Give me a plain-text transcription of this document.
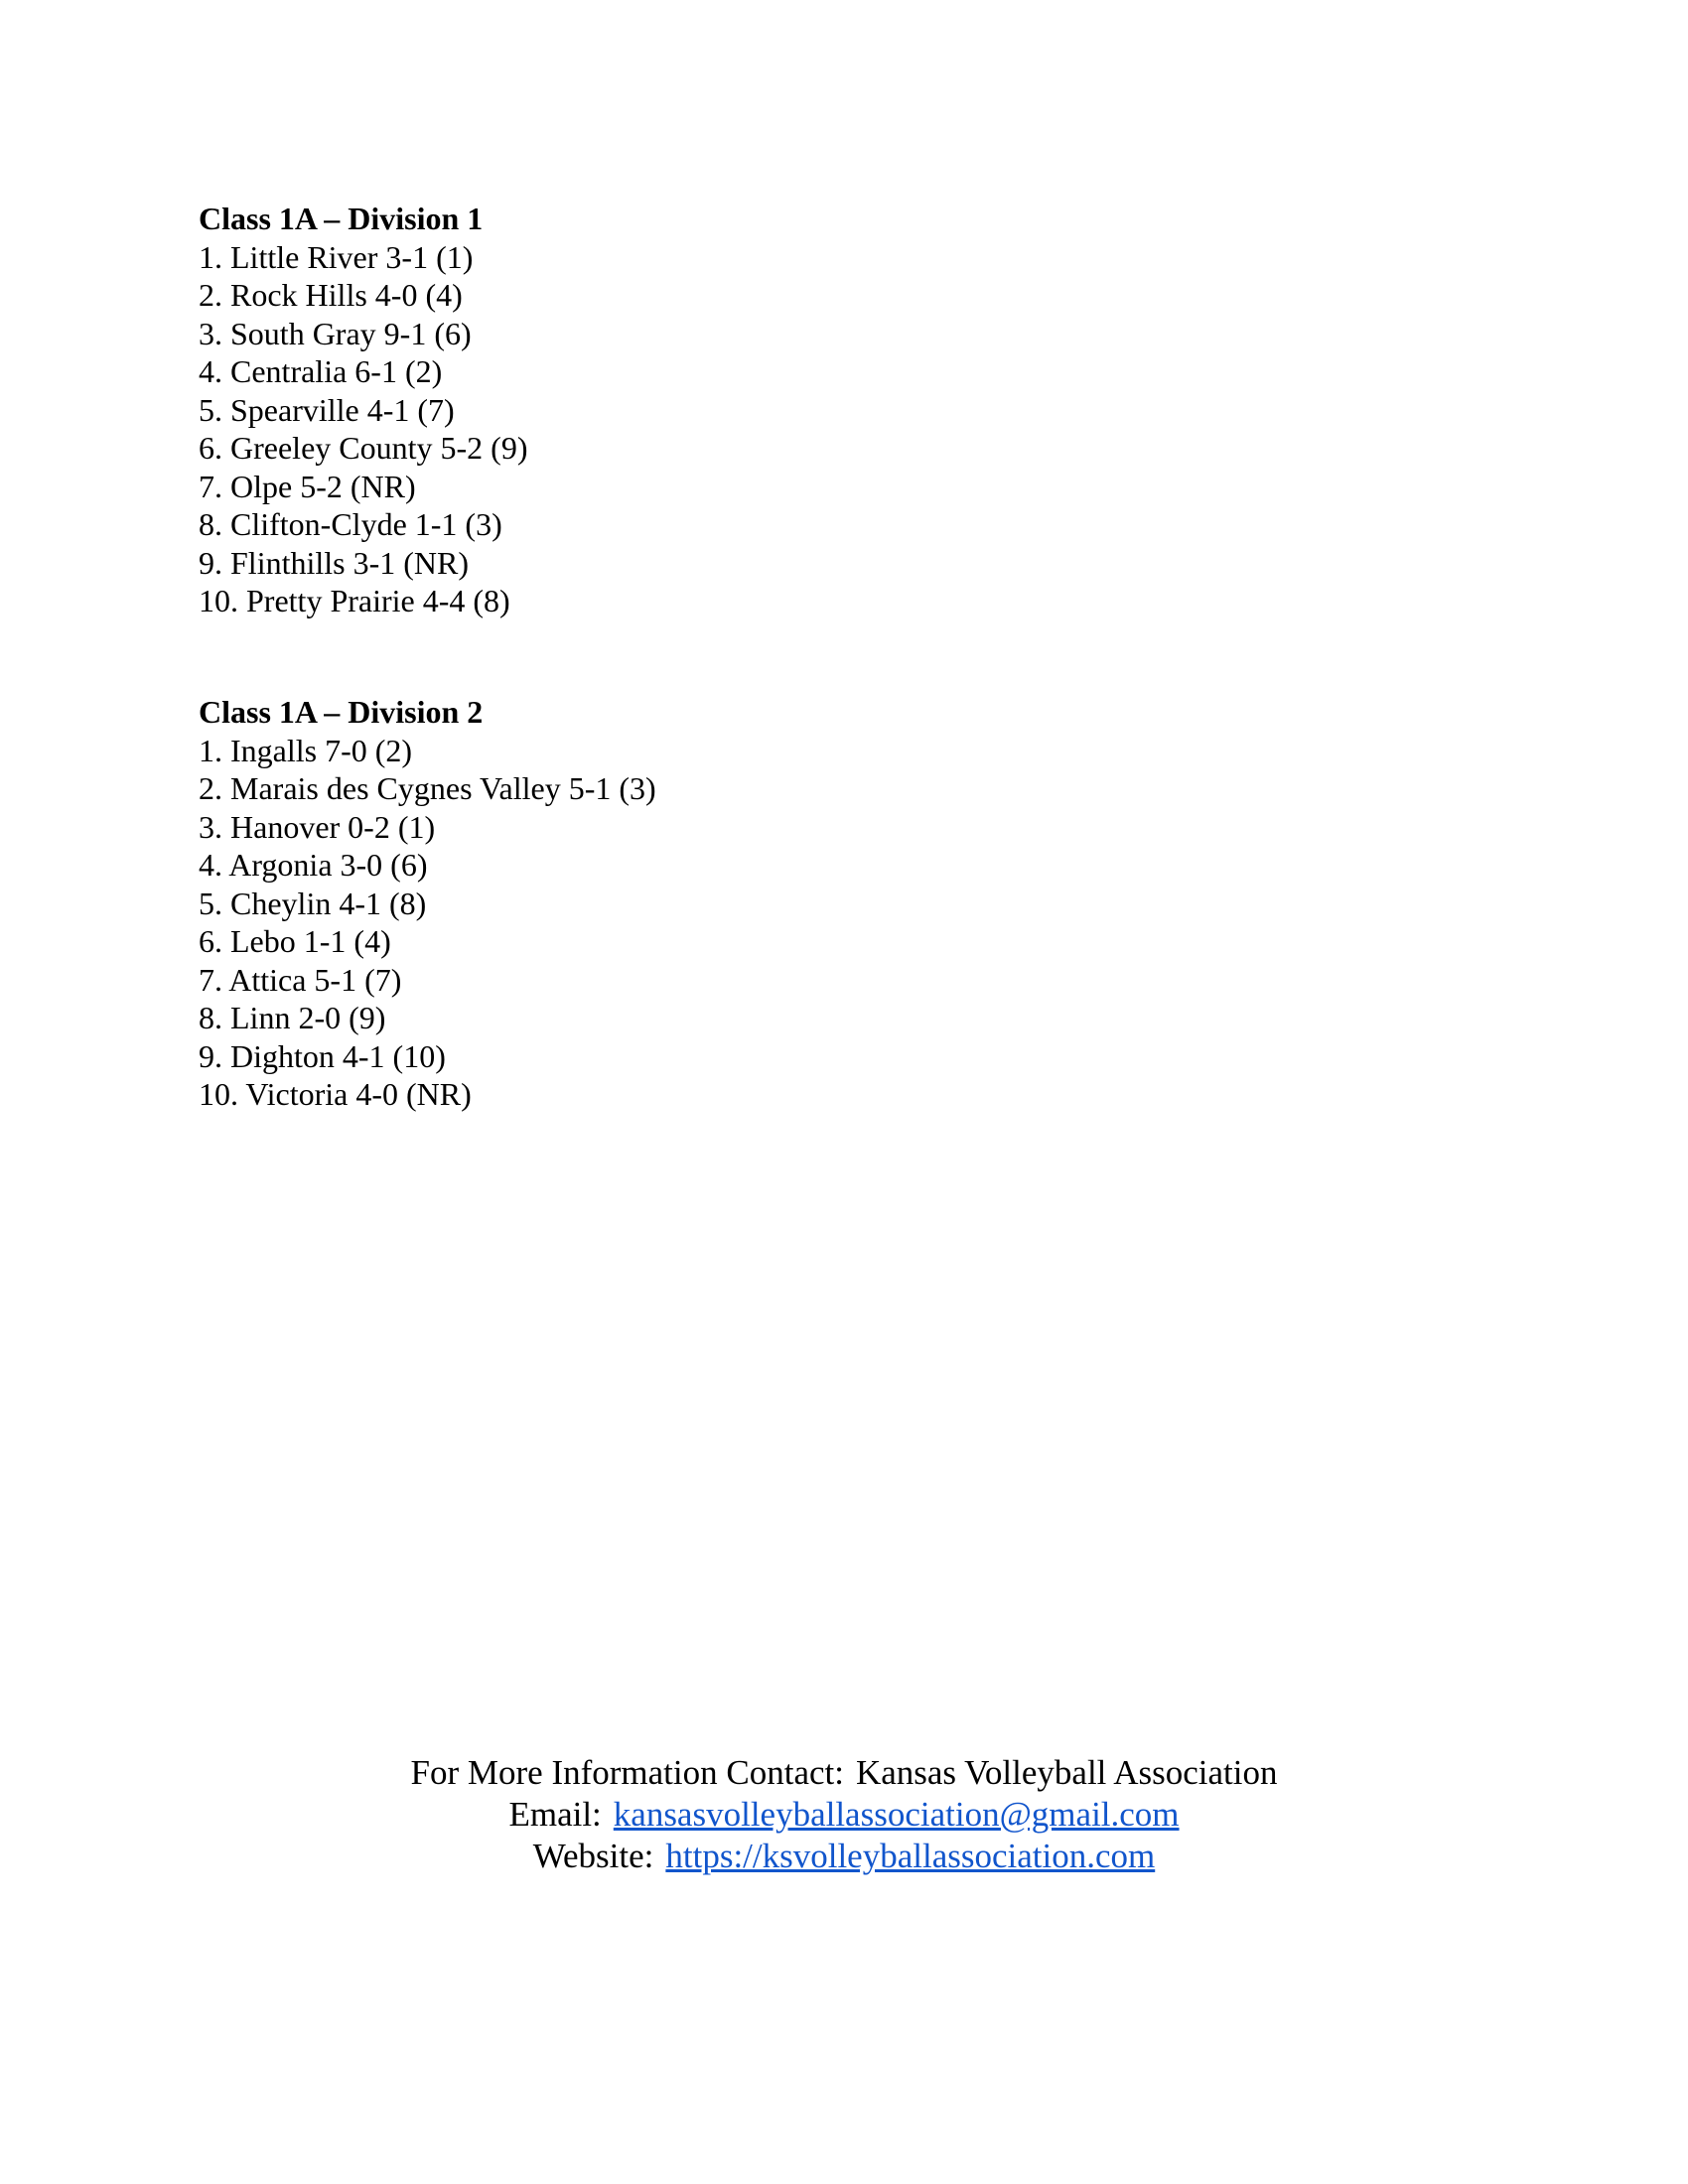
Class 1A – Division 1
1. Little River 3-1 (1)
2. Rock Hills 4-0 (4)
3. South Gray 9-1 (6)
4. Centralia 6-1 (2)
5. Spearville 4-1 (7)
6. Greeley County 5-2 (9)
7. Olpe 5-2 (NR)
8. Clifton-Clyde 1-1 (3)
9. Flinthills 3-1 (NR)
10. Pretty Prairie 4-4 (8)
Class 1A – Division 2
1. Ingalls 7-0 (2)
2. Marais des Cygnes Valley 5-1 (3)
3. Hanover 0-2 (1)
4. Argonia 3-0 (6)
5. Cheylin 4-1 (8)
6. Lebo 1-1 (4)
7. Attica 5-1 (7)
8. Linn 2-0 (9)
9. Dighton 4-1 (10)
10. Victoria 4-0 (NR)
For More Information Contact: Kansas Volleyball Association
Email: kansasvolleyballassociation@gmail.com
Website: https://ksvolleyballassociation.com
